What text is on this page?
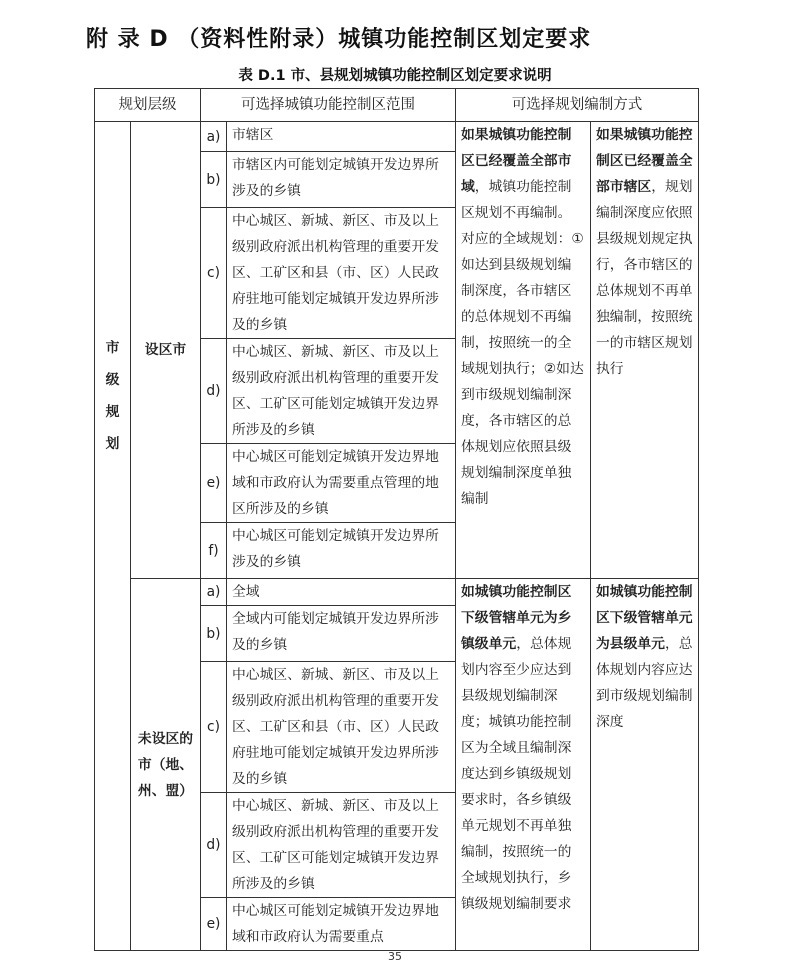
附 录 D （资料性附录）城镇功能控制区划定要求
表 D.1 市、县规划城镇功能控制区划定要求说明
规划层级		可选择城镇功能控制区范围		可选择规划编制方式	
市级规划	设区市	a)	市辖区	如果城镇功能控制区已经覆盖全部市域，城镇功能控制区规划不再编制。对应的全域规划：①如达到县级规划编制深度，各市辖区的总体规划不再编制，按照统一的全域规划执行；②如达到市级规划编制深度，各市辖区的总体规划应依照县级规划编制深度单独编制	如果城镇功能控制区已经覆盖全部市辖区，规划编制深度应依照县级规划规定执行，各市辖区的总体规划不再单独编制，按照统一的市辖区规划执行
		b)	市辖区内可能划定城镇开发边界所涉及的乡镇		
		c)	中心城区、新城、新区、市及以上级别政府派出机构管理的重要开发区、工矿区和县（市、区）人民政府驻地可能划定城镇开发边界所涉及的乡镇		
		d)	中心城区、新城、新区、市及以上级别政府派出机构管理的重要开发区、工矿区可能划定城镇开发边界所涉及的乡镇		
		e)	中心城区可能划定城镇开发边界地域和市政府认为需要重点管理的地区所涉及的乡镇		
		f)	中心城区可能划定城镇开发边界所涉及的乡镇		
	未设区的市（地、州、盟）	a)	全域	如城镇功能控制区下级管辖单元为乡镇级单元，总体规划内容至少应达到县级规划编制深度；城镇功能控制区为全域且编制深度达到乡镇级规划要求时，各乡镇级单元规划不再单独编制，按照统一的全域规划执行，乡镇级规划编制要求	如城镇功能控制区下级管辖单元为县级单元，总体规划内容应达到市级规划编制深度
		b)	全域内可能划定城镇开发边界所涉及的乡镇		
		c)	中心城区、新城、新区、市及以上级别政府派出机构管理的重要开发区、工矿区和县（市、区）人民政府驻地可能划定城镇开发边界所涉及的乡镇		
		d)	中心城区、新城、新区、市及以上级别政府派出机构管理的重要开发区、工矿区可能划定城镇开发边界所涉及的乡镇		
		e)	中心城区可能划定城镇开发边界地域和市政府认为需要重点		
35
